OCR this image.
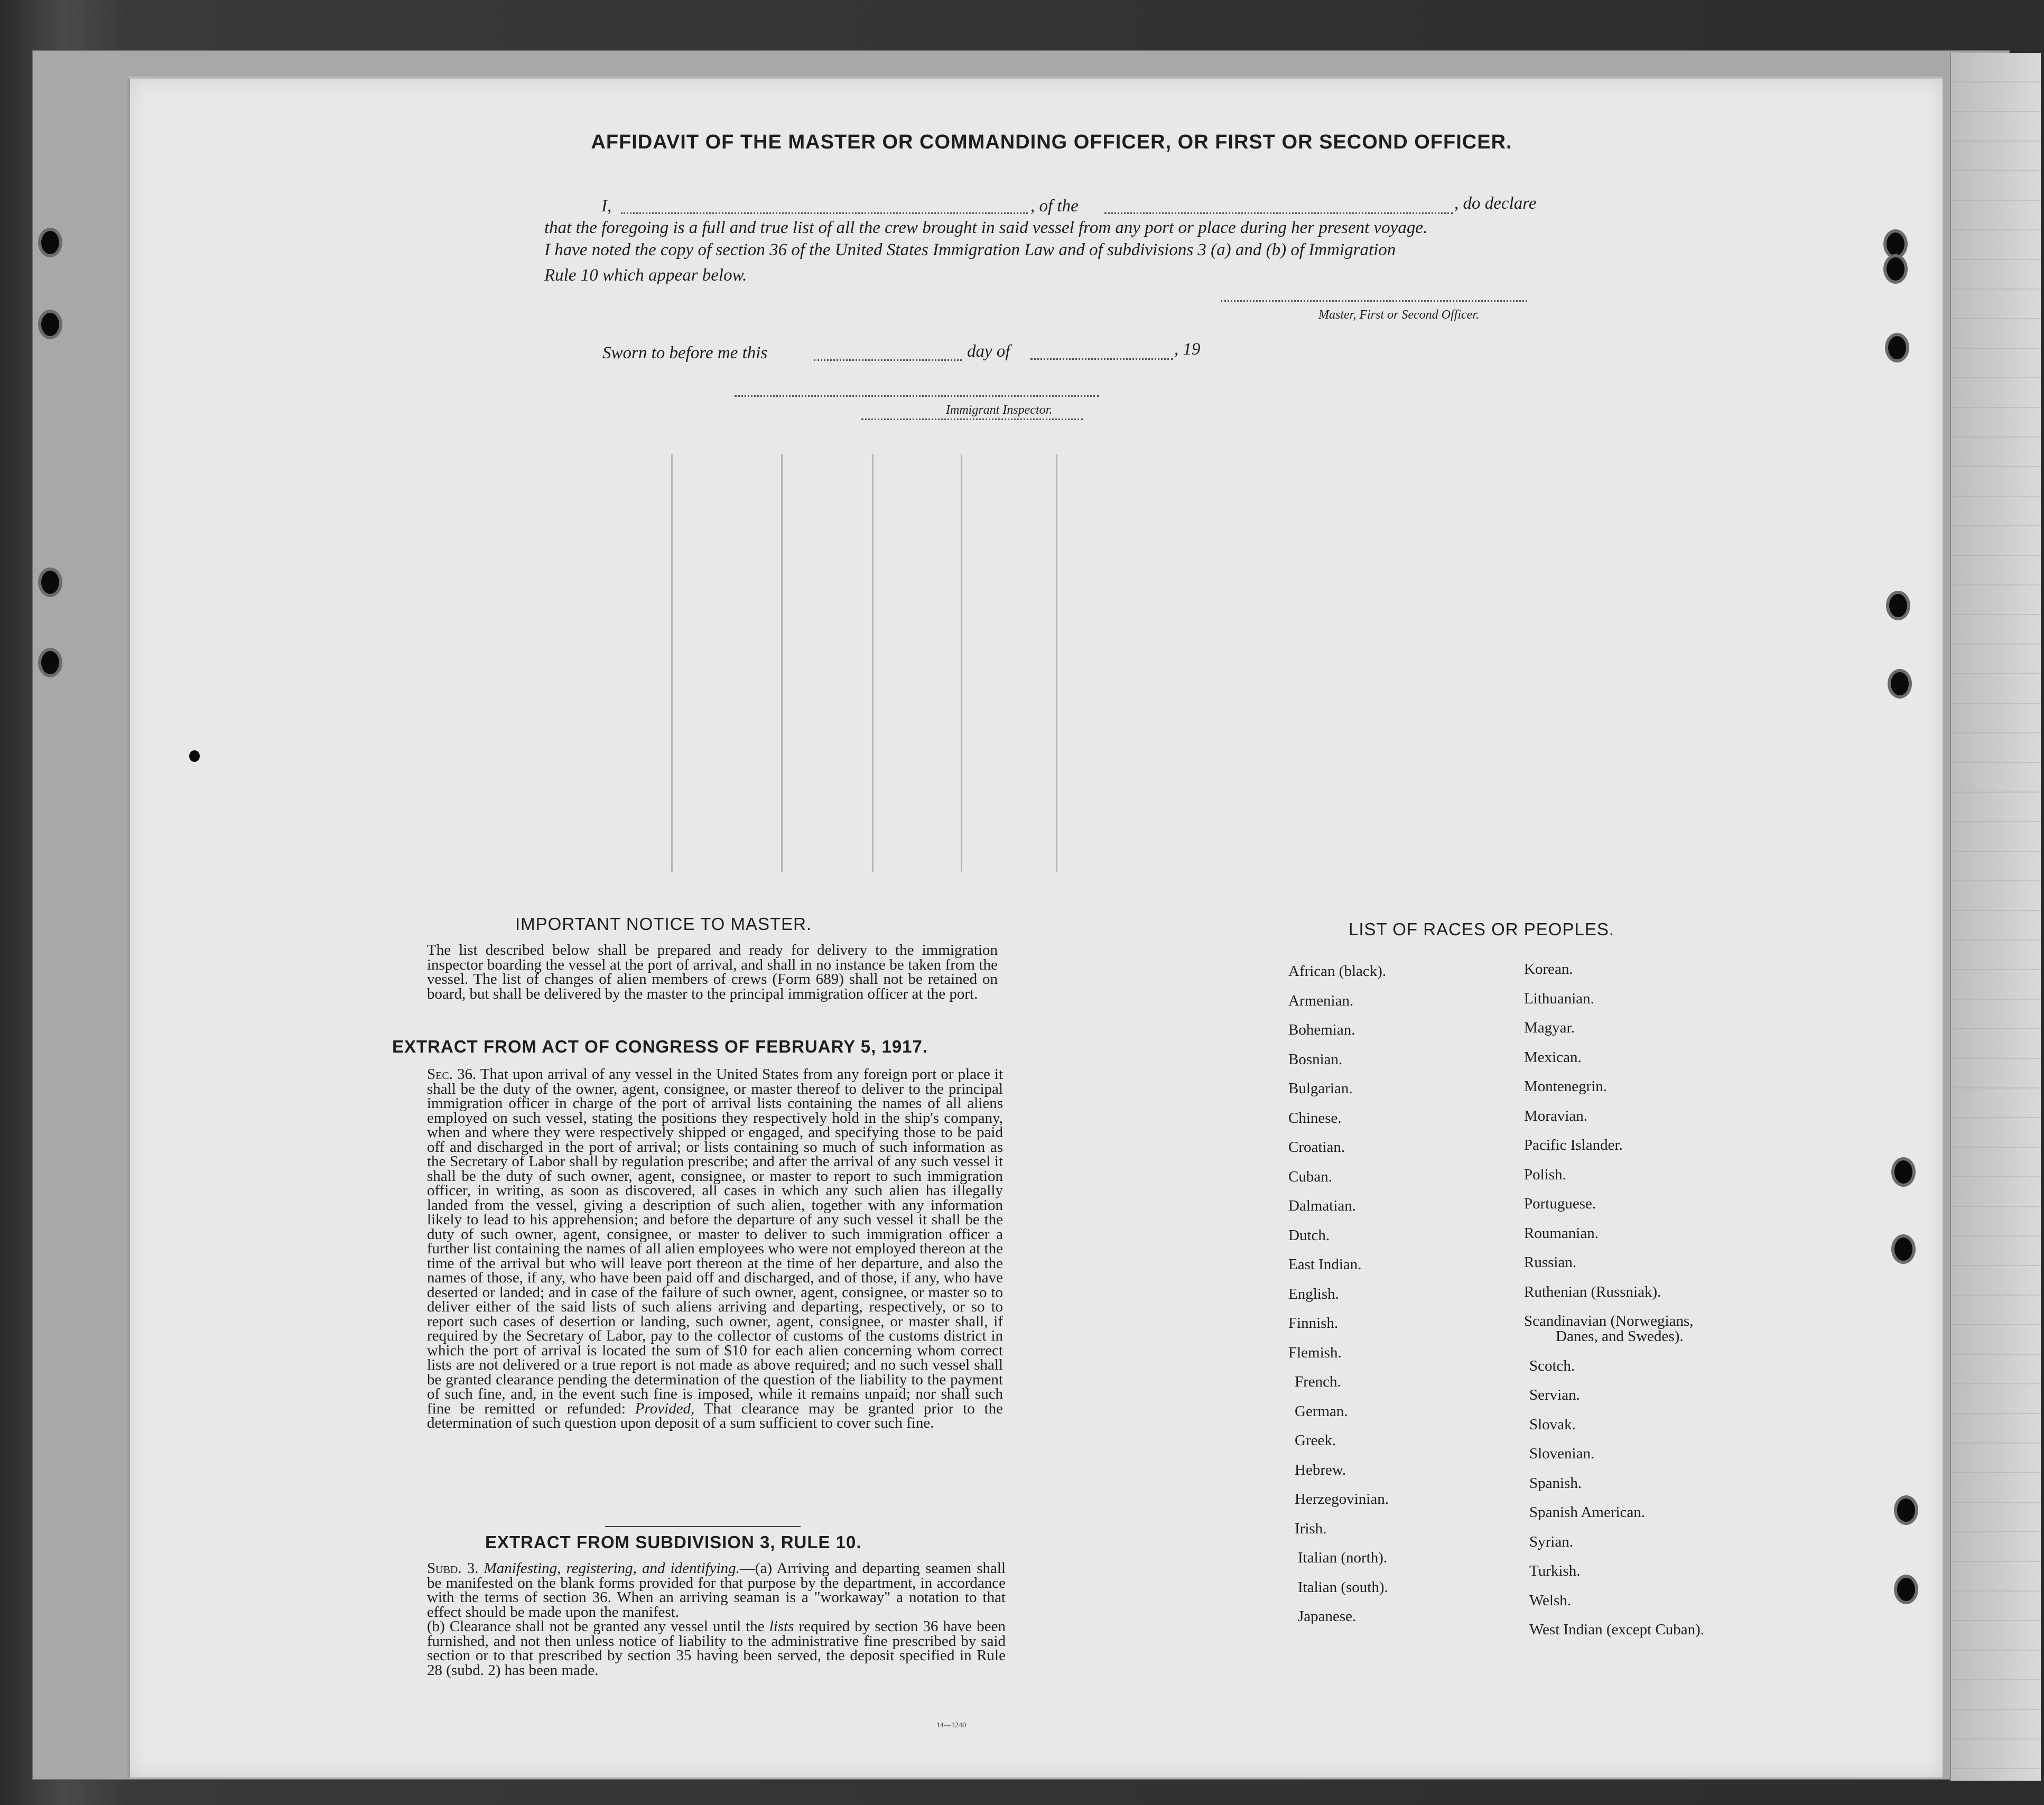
AFFIDAVIT OF THE MASTER OR COMMANDING OFFICER, OR FIRST OR SECOND OFFICER.
I,	, of the	, do declare
that the foregoing is a full and true list of all the crew brought in said vessel from any port or place during her present voyage.
I have noted the copy of section 36 of the United States Immigration Law and of subdivisions 3 (a) and (b) of Immigration
Rule 10 which appear below.
Master, First or Second Officer.
Sworn to before me this	day of	, 19
Immigrant Inspector.
IMPORTANT NOTICE TO MASTER.

The list described below shall be prepared and ready for delivery to the immigration inspector boarding the vessel at the port of arrival, and shall in no instance be taken from the vessel. The list of changes of alien members of crews (Form 689) shall not be retained on board, but shall be delivered by the master to the principal immigration officer at the port.

EXTRACT FROM ACT OF CONGRESS OF FEBRUARY 5, 1917.

Sec. 36. That upon arrival of any vessel in the United States from any foreign port or place it shall be the duty of the owner, agent, consignee, or master thereof to deliver to the principal immigration officer in charge of the port of arrival lists containing the names of all aliens employed on such vessel, stating the positions they respectively hold in the ship's company, when and where they were respectively shipped or engaged, and specifying those to be paid off and discharged in the port of arrival; or lists containing so much of such information as the Secretary of Labor shall by regulation prescribe; and after the arrival of any such vessel it shall be the duty of such owner, agent, consignee, or master to report to such immigration officer, in writing, as soon as discovered, all cases in which any such alien has illegally landed from the vessel, giving a description of such alien, together with any information likely to lead to his apprehension; and before the departure of any such vessel it shall be the duty of such owner, agent, consignee, or master to deliver to such immigration officer a further list containing the names of all alien employees who were not employed thereon at the time of the arrival but who will leave port thereon at the time of her departure, and also the names of those, if any, who have been paid off and discharged, and of those, if any, who have deserted or landed; and in case of the failure of such owner, agent, consignee, or master so to deliver either of the said lists of such aliens arriving and departing, respectively, or so to report such cases of desertion or landing, such owner, agent, consignee, or master shall, if required by the Secretary of Labor, pay to the collector of customs of the customs district in which the port of arrival is located the sum of $10 for each alien concerning whom correct lists are not delivered or a true report is not made as above required; and no such vessel shall be granted clearance pending the determination of the question of the liability to the payment of such fine, and, in the event such fine is imposed, while it remains unpaid; nor shall such fine be remitted or refunded: Provided, That clearance may be granted prior to the determination of such question upon deposit of a sum sufficient to cover such fine.

EXTRACT FROM SUBDIVISION 3, RULE 10.

Subd. 3. Manifesting, registering, and identifying.—(a) Arriving and departing seamen shall be manifested on the blank forms provided for that purpose by the department, in accordance with the terms of section 36. When an arriving seaman is a "workaway" a notation to that effect should be made upon the manifest.

(b) Clearance shall not be granted any vessel until the lists required by section 36 have been furnished, and not then unless notice of liability to the administrative fine prescribed by said section or to that prescribed by section 35 having been served, the deposit specified in Rule 28 (subd. 2) has been made.

14—1240
LIST OF RACES OR PEOPLES.
African (black).
Armenian.
Bohemian.
Bosnian.
Bulgarian.
Chinese.
Croatian.
Cuban.
Dalmatian.
Dutch.
East Indian.
English.
Finnish.
Flemish.
French.
German.
Greek.
Hebrew.
Herzegovinian.
Irish.
Italian (north).
Italian (south).
Japanese.
Korean.
Lithuanian.
Magyar.
Mexican.
Montenegrin.
Moravian.
Pacific Islander.
Polish.
Portuguese.
Roumanian.
Russian.
Ruthenian (Russniak).
Scandinavian (Norwegians,
Danes, and Swedes).
Scotch.
Servian.
Slovak.
Slovenian.
Spanish.
Spanish American.
Syrian.
Turkish.
Welsh.
West Indian (except Cuban).
